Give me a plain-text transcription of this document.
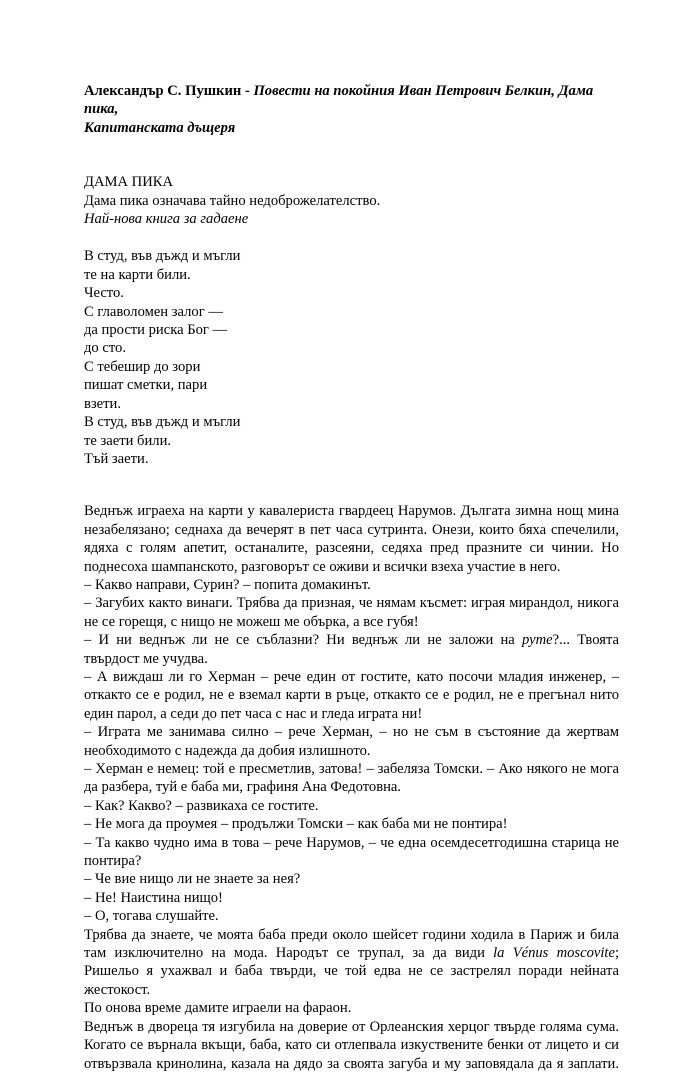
Александър С. Пушкин - Повести на покойния Иван Петрович Белкин, Дама пика,
Капитанската дъщеря

ДАМА ПИКА

Дама пика означава тайно недоброжелателство.

Най-нова книга за гадаене

В студ, във дъжд и мъгли

те на карти били.

Често.

С главоломен залог —

да прости риска Бог —

до сто.

С тебешир до зори

пишат сметки, пари

взети.

В студ, във дъжд и мъгли

те заети били.

Тъй заети.

Веднъж играеха на карти у кавалериста гвардеец Нарумов. Дългата зимна нощ мина незабелязано; седнаха да вечерят в пет часа сутринта. Онези, които бяха спечелили, ядяха с голям апетит, останалите, разсеяни, седяха пред празните си чинии. Но поднесоха шампанското, разговорът се оживи и всички взеха участие в него.

– Какво направи, Сурин? – попита домакинът.

– Загубих както винаги. Трябва да призная, че нямам късмет: играя мирандол, никога не се горещя, с нищо не можеш ме обърка, а все губя!

– И ни веднъж ли не се съблазни? Ни веднъж ли не заложи на руте?... Твоята твърдост ме учудва.

– А виждаш ли го Херман – рече един от гостите, като посочи младия инженер, – откакто се е родил, не е вземал карти в ръце, откакто се е родил, не е прегънал нито един парол, а седи до пет часа с нас и гледа играта ни!

– Играта ме занимава силно – рече Херман, – но не съм в състояние да жертвам необходимото с надежда да добия излишното.

– Херман е немец: той е пресметлив, затова! – забеляза Томски. – Ако някого не мога да разбера, туй е баба ми, графиня Ана Федотовна.

– Как? Какво? – развикаха се гостите.

– Не мога да проумея – продължи Томски – как баба ми не понтира!

– Та какво чудно има в това – рече Нарумов, – че една осемдесетгодишна старица не понтира?

– Че вие нищо ли не знаете за нея?

– Не! Наистина нищо!

– О, тогава слушайте.

Трябва да знаете, че моята баба преди около шейсет години ходила в Париж и била там изключително на мода. Народът се трупал, за да види la Vénus moscovite; Ришельо я ухажвал и баба твърди, че той едва не се застрелял поради нейната жестокост.

По онова време дамите играели на фараон.

Веднъж в двореца тя изгубила на доверие от Орлеанския херцог твърде голяма сума. Когато се върнала вкъщи, баба, като си отлепвала изкуствените бенки от лицето и си отвързвала кринолина, казала на дядо за своята загуба и му заповядала да я заплати.
